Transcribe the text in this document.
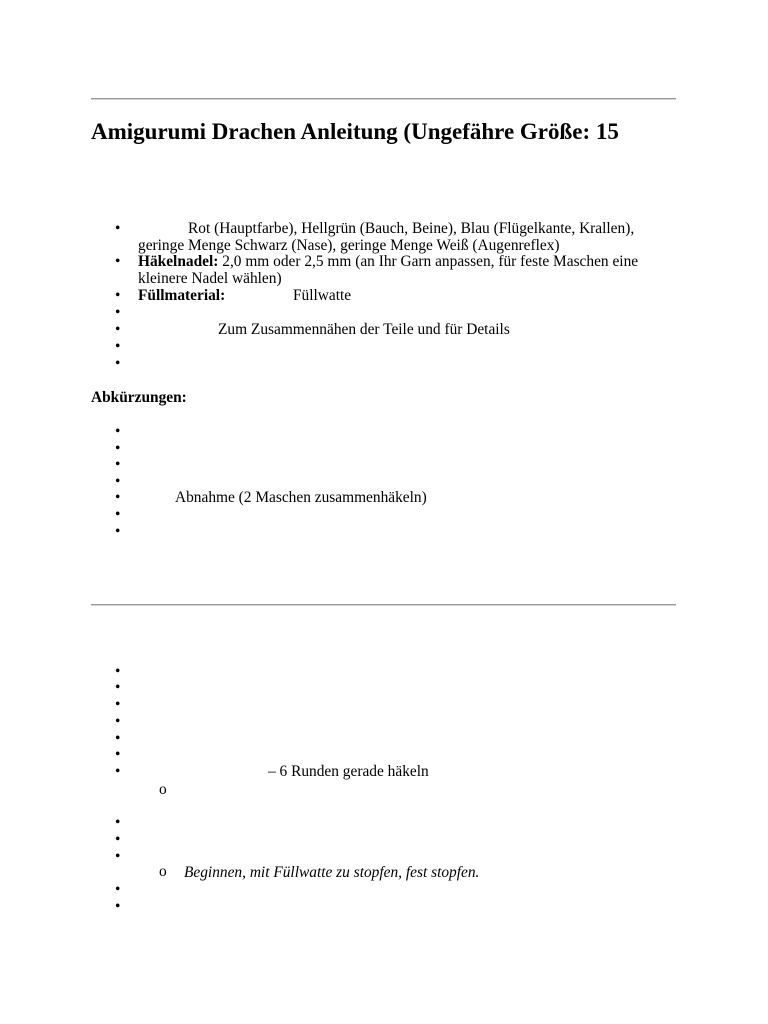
Amigurumi Drachen Anleitung (Ungefähre Größe: 15
•	Rot (Hauptfarbe), Hellgrün (Bauch, Beine), Blau (Flügelkante, Krallen), geringe Menge Schwarz (Nase), geringe Menge Weiß (Augenreflex)
• Häkelnadel: 2,0 mm oder 2,5 mm (an Ihr Garn anpassen, für feste Maschen eine kleinere Nadel wählen)
• Füllmaterial:	Füllwatte
•
•	Zum Zusammennähen der Teile und für Details
•
•
Abkürzungen:
•
•
•
•
•	Abnahme (2 Maschen zusammenhäkeln)
•
•
•
•
•
•
•
•
•	– 6 Runden gerade häkeln
o
•
•
•
o Beginnen, mit Füllwatte zu stopfen, fest stopfen.
•
•
